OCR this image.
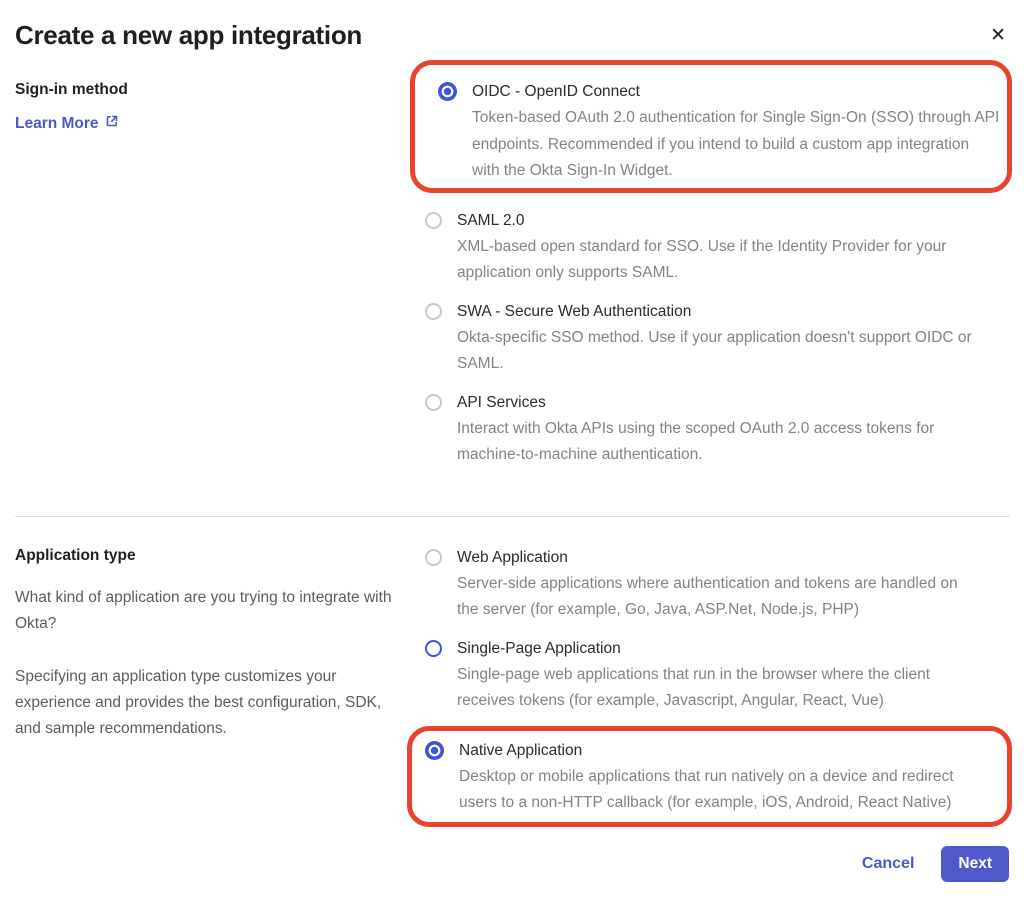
✕
Create a new app integration
Sign-in method
Learn More
OIDC - OpenID Connect
Token-based OAuth 2.0 authentication for Single Sign-On (SSO) through API
endpoints. Recommended if you intend to build a custom app integration
with the Okta Sign-In Widget.
SAML 2.0
XML-based open standard for SSO. Use if the Identity Provider for your
application only supports SAML.
SWA - Secure Web Authentication
Okta-specific SSO method. Use if your application doesn't support OIDC or
SAML.
API Services
Interact with Okta APIs using the scoped OAuth 2.0 access tokens for
machine-to-machine authentication.
Application type
What kind of application are you trying to integrate with Okta?
Specifying an application type customizes your experience and provides the best configuration, SDK, and sample recommendations.
Web Application
Server-side applications where authentication and tokens are handled on
the server (for example, Go, Java, ASP.Net, Node.js, PHP)
Single-Page Application
Single-page web applications that run in the browser where the client
receives tokens (for example, Javascript, Angular, React, Vue)
Native Application
Desktop or mobile applications that run natively on a device and redirect
users to a non-HTTP callback (for example, iOS, Android, React Native)
Cancel	Next
